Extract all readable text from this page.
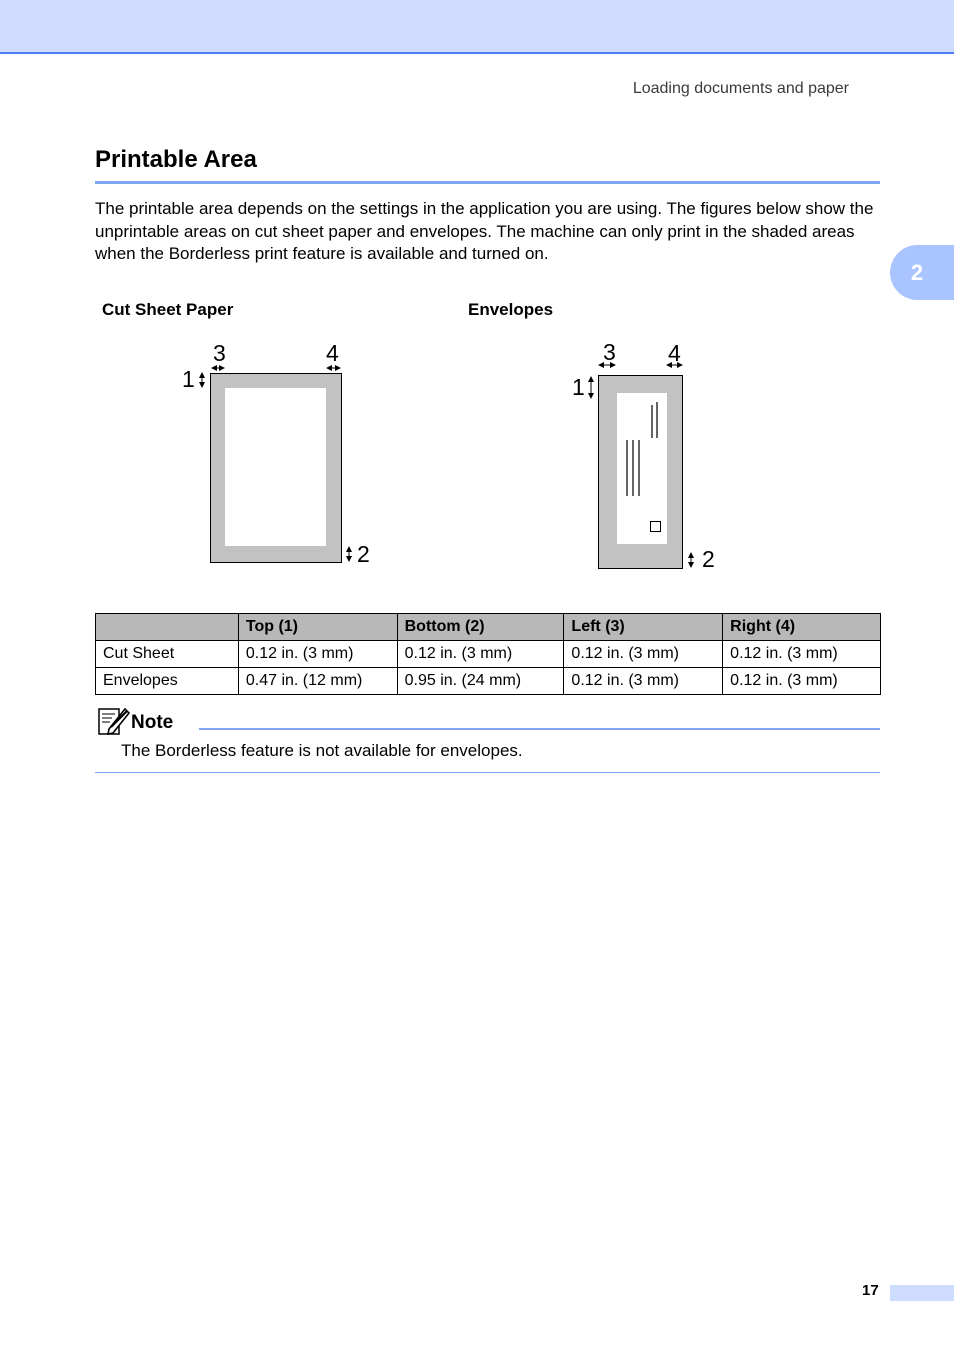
Loading documents and paper
2
Printable Area

The printable area depends on the settings in the application you are using. The figures below show the unprintable areas on cut sheet paper and envelopes. The machine can only print in the shaded areas when the Borderless print feature is available and turned on.

Cut Sheet Paper	Envelopes
1
2
3	4
1
2
3 4
	Top (1)	Bottom (2)	Left (3)	Right (4)
Cut Sheet	0.12 in. (3 mm)	0.12 in. (3 mm)	0.12 in. (3 mm)	0.12 in. (3 mm)
Envelopes	0.47 in. (12 mm)	0.95 in. (24 mm)	0.12 in. (3 mm)	0.12 in. (3 mm)
Note
The Borderless feature is not available for envelopes.
17
